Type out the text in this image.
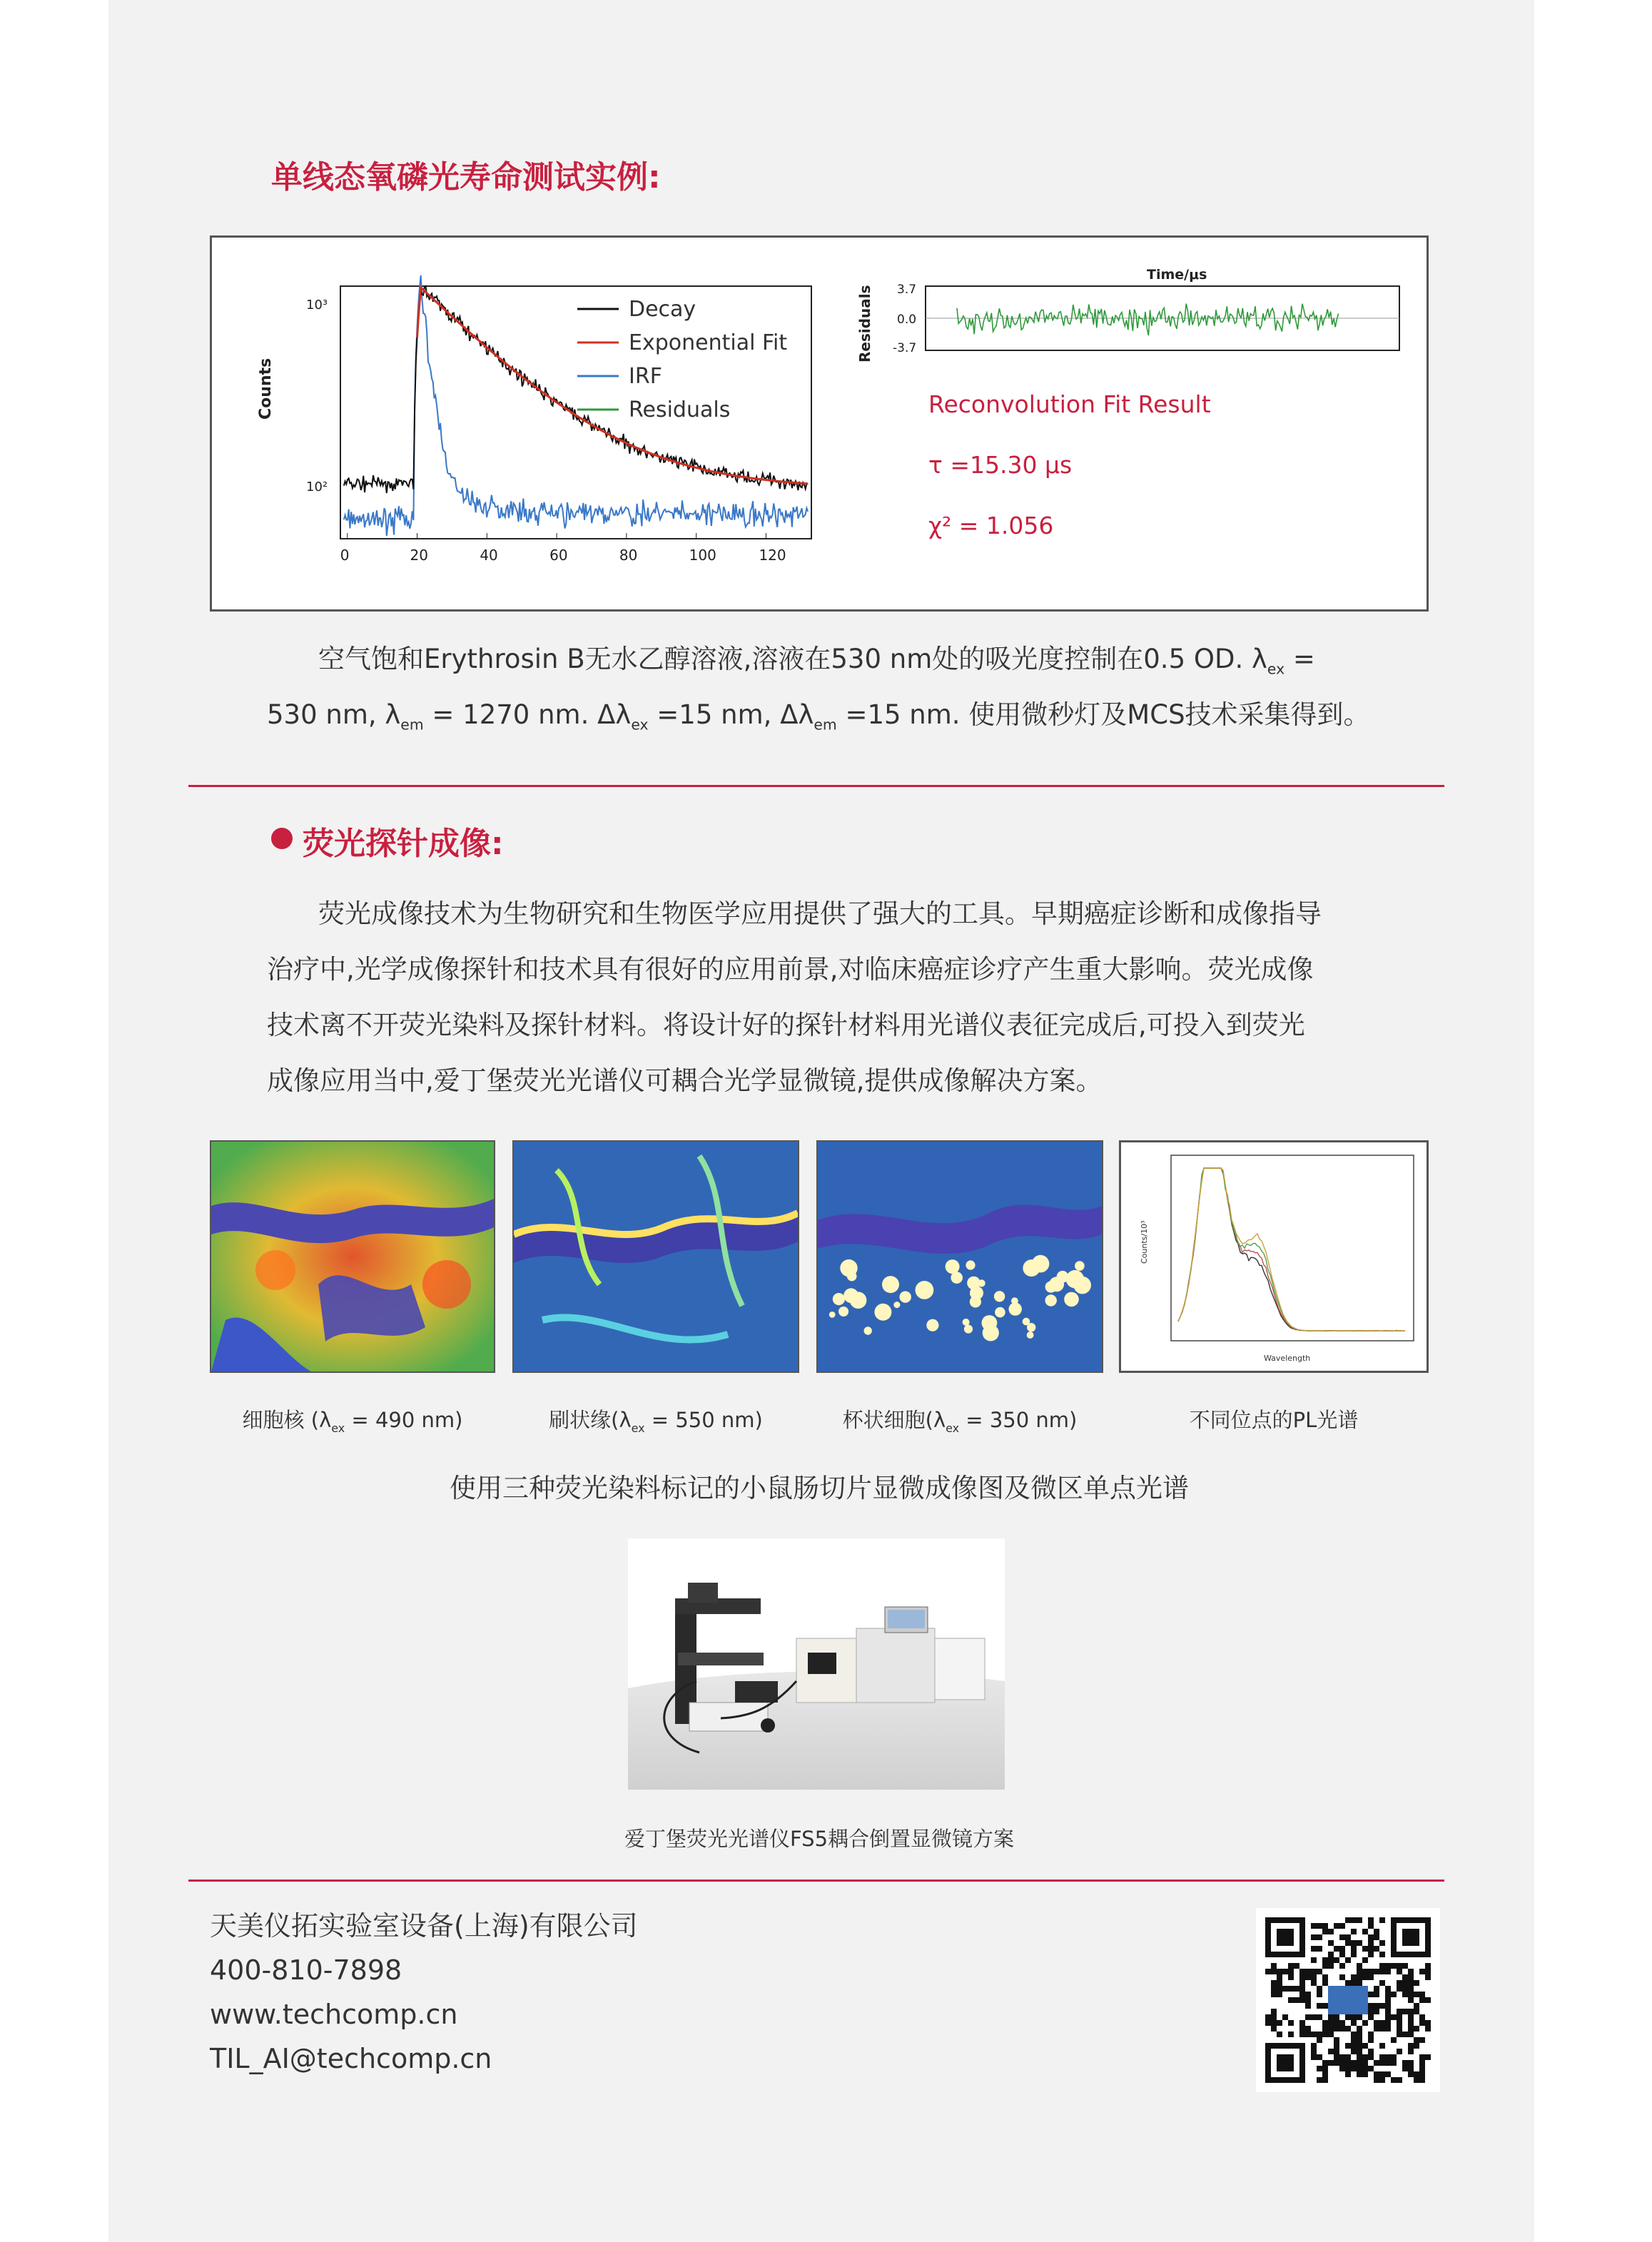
单线态氧磷光寿命测试实例:
Counts
10³
10²
0	20	40	60	80	100	120
Decay
Exponential Fit
IRF
Residuals
Time/μs
Residuals 3.7
0.0
-3.7
Reconvolution Fit Result
τ =15.30 μs
χ² = 1.056
空气饱和Erythrosin B无水乙醇溶液,溶液在530 nm处的吸光度控制在0.5 OD. $\lambda_{ex}$ =
530 nm, $\lambda_{em} = 1270$ nm. $\Delta\lambda_{ex} =15$ nm, $\Delta\lambda_{em} =15$ nm. 使用微秒灯及MCS技术采集得到。
荧光探针成像:
荧光成像技术为生物研究和生物医学应用提供了强大的工具。早期癌症诊断和成像指导
治疗中,光学成像探针和技术具有很好的应用前景,对临床癌症诊疗产生重大影响。荧光成像
技术离不开荧光染料及探针材料。将设计好的探针材料用光谱仪表征完成后,可投入到荧光
成像应用当中,爱丁堡荧光光谱仪可耦合光学显微镜,提供成像解决方案。
Counts/10³
Wavelength
细胞核 ($\lambda_{ex} = 490$ nm)	刷状缘($\lambda_{ex} = 550$ nm)	杯状细胞($\lambda_{ex} = 350$ nm)	不同位点的PL光谱
使用三种荧光染料标记的小鼠肠切片显微成像图及微区单点光谱
爱丁堡荧光光谱仪FS5耦合倒置显微镜方案
天美仪拓实验室设备(上海)有限公司
400-810-7898
www.techcomp.cn
TIL_AI@techcomp.cn
